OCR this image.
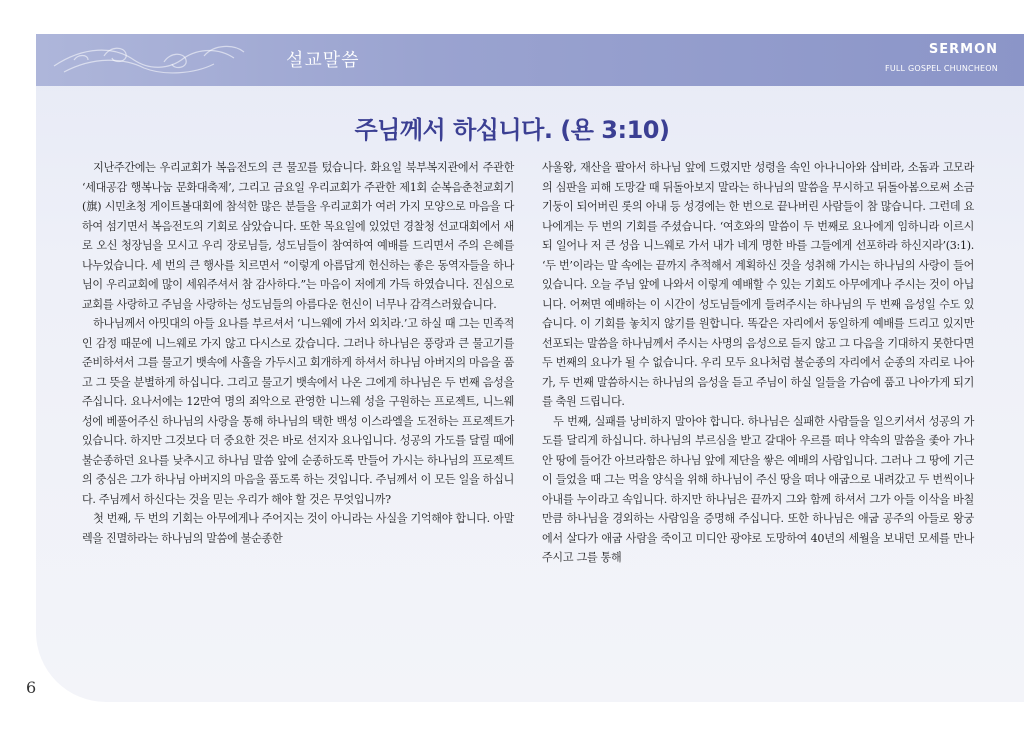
설교말씀
SERMON
FULL GOSPEL CHUNCHEON
주님께서 하십니다. (욘 3:10)

지난주간에는 우리교회가 복음전도의 큰 물꼬를 텄습니다. 화요일 북부복지관에서 주관한 ‘세대공감 행복나눔 문화대축제’, 그리고 금요일 우리교회가 주관한 제1회 순복음춘천교회기(旗) 시민초청 게이트볼대회에 참석한 많은 분들을 우리교회가 여러 가지 모양으로 마음을 다하여 섬기면서 복음전도의 기회로 삼았습니다. 또한 목요일에 있었던 경찰청 선교대회에서 새로 오신 청장님을 모시고 우리 장로님들, 성도님들이 참여하여 예배를 드리면서 주의 은혜를 나누었습니다. 세 번의 큰 행사를 치르면서 “이렇게 아름답게 헌신하는 좋은 동역자들을 하나님이 우리교회에 많이 세워주셔서 참 감사하다.”는 마음이 저에게 가득 하였습니다. 진심으로 교회를 사랑하고 주님을 사랑하는 성도님들의 아름다운 헌신이 너무나 감격스러웠습니다.

하나님께서 아밋대의 아들 요나를 부르셔서 ‘니느웨에 가서 외치라.’고 하실 때 그는 민족적인 감정 때문에 니느웨로 가지 않고 다시스로 갔습니다. 그러나 하나님은 풍랑과 큰 물고기를 준비하셔서 그를 물고기 뱃속에 사흘을 가두시고 회개하게 하셔서 하나님 아버지의 마음을 품고 그 뜻을 분별하게 하십니다. 그리고 물고기 뱃속에서 나온 그에게 하나님은 두 번째 음성을 주십니다. 요나서에는 12만여 명의 죄악으로 관영한 니느웨 성을 구원하는 프로젝트, 니느웨 성에 베풀어주신 하나님의 사랑을 통해 하나님의 택한 백성 이스라엘을 도전하는 프로젝트가 있습니다. 하지만 그것보다 더 중요한 것은 바로 선지자 요나입니다. 성공의 가도를 달릴 때에 불순종하던 요나를 낮추시고 하나님 말씀 앞에 순종하도록 만들어 가시는 하나님의 프로젝트의 중심은 그가 하나님 아버지의 마음을 품도록 하는 것입니다. 주님께서 이 모든 일을 하십니다. 주님께서 하신다는 것을 믿는 우리가 해야 할 것은 무엇입니까?

첫 번째, 두 번의 기회는 아무에게나 주어지는 것이 아니라는 사실을 기억해야 합니다. 아말렉을 진멸하라는 하나님의 말씀에 불순종한

사울왕, 재산을 팔아서 하나님 앞에 드렸지만 성령을 속인 아나니아와 삽비라, 소돔과 고모라의 심판을 피해 도망갈 때 뒤돌아보지 말라는 하나님의 말씀을 무시하고 뒤돌아봄으로써 소금 기둥이 되어버린 롯의 아내 등 성경에는 한 번으로 끝나버린 사람들이 참 많습니다. 그런데 요나에게는 두 번의 기회를 주셨습니다. ‘여호와의 말씀이 두 번째로 요나에게 임하니라 이르시되 일어나 저 큰 성읍 니느웨로 가서 내가 네게 명한 바를 그들에게 선포하라 하신지라’(3:1). ‘두 번’이라는 말 속에는 끝까지 추적해서 계획하신 것을 성취해 가시는 하나님의 사랑이 들어있습니다. 오늘 주님 앞에 나와서 이렇게 예배할 수 있는 기회도 아무에게나 주시는 것이 아닙니다. 어쩌면 예배하는 이 시간이 성도님들에게 들려주시는 하나님의 두 번째 음성일 수도 있습니다. 이 기회를 놓치지 않기를 원합니다. 똑같은 자리에서 동일하게 예배를 드리고 있지만 선포되는 말씀을 하나님께서 주시는 사명의 음성으로 듣지 않고 그 다음을 기대하지 못한다면 두 번째의 요나가 될 수 없습니다. 우리 모두 요나처럼 불순종의 자리에서 순종의 자리로 나아가, 두 번째 말씀하시는 하나님의 음성을 듣고 주님이 하실 일들을 가슴에 품고 나아가게 되기를 축원 드립니다.

두 번째, 실패를 낭비하지 말아야 합니다. 하나님은 실패한 사람들을 일으키셔서 성공의 가도를 달리게 하십니다. 하나님의 부르심을 받고 갈대아 우르를 떠나 약속의 말씀을 좇아 가나안 땅에 들어간 아브라함은 하나님 앞에 제단을 쌓은 예배의 사람입니다. 그러나 그 땅에 기근이 들었을 때 그는 먹을 양식을 위해 하나님이 주신 땅을 떠나 애굽으로 내려갔고 두 번씩이나 아내를 누이라고 속입니다. 하지만 하나님은 끝까지 그와 함께 하셔서 그가 아들 이삭을 바칠 만큼 하나님을 경외하는 사람임을 증명해 주십니다. 또한 하나님은 애굽 공주의 아들로 왕궁에서 살다가 애굽 사람을 죽이고 미디안 광야로 도망하여 40년의 세월을 보내던 모세를 만나주시고 그를 통해

6
